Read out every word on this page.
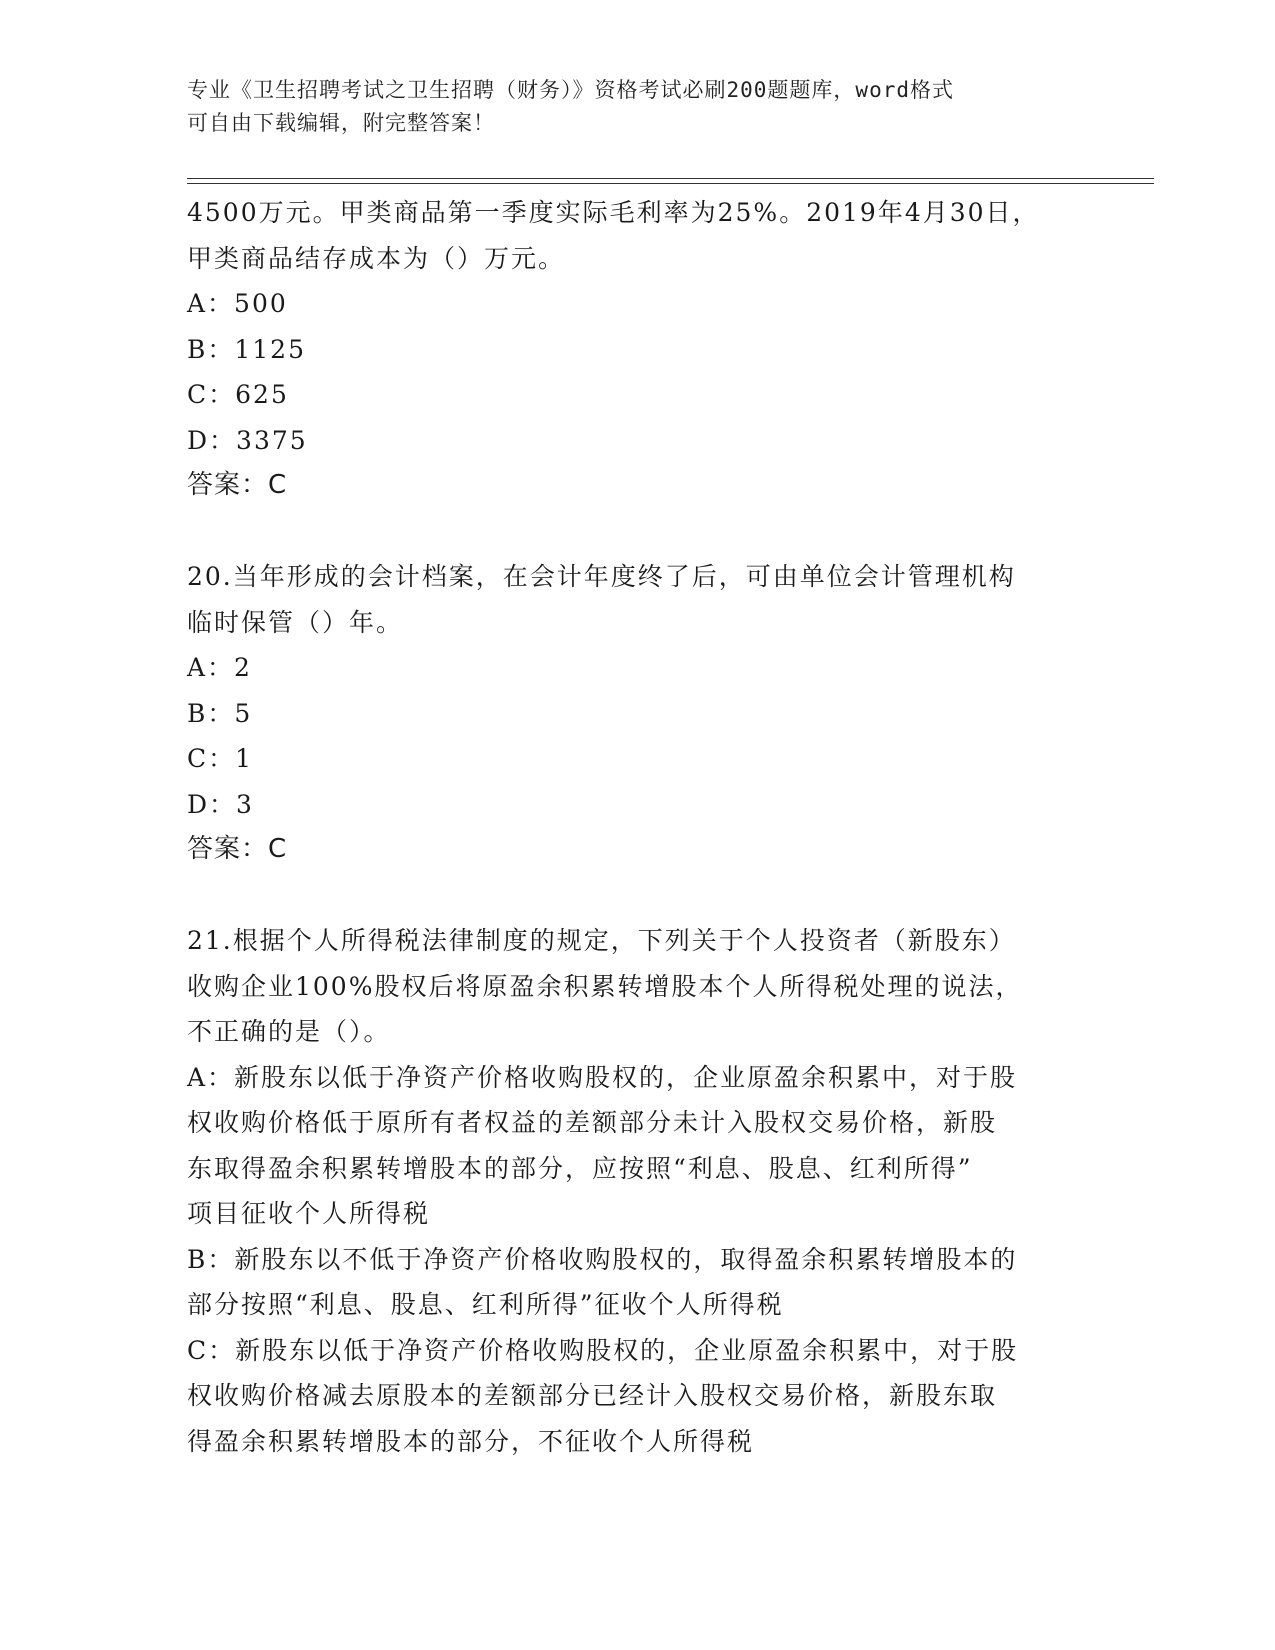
专业《卫生招聘考试之卫生招聘（财务）》资格考试必刷200题题库，word格式
可自由下载编辑，附完整答案！

4500万元。甲类商品第一季度实际毛利率为25%。2019年4月30日，

甲类商品结存成本为（）万元。

A：500

B：1125

C：625

D：3375

答案：C

20.当年形成的会计档案，在会计年度终了后，可由单位会计管理机构

临时保管（）年。

A：2

B：5

C：1

D：3

答案：C

21.根据个人所得税法律制度的规定，下列关于个人投资者（新股东）

收购企业100%股权后将原盈余积累转增股本个人所得税处理的说法，

不正确的是（）。

A：新股东以低于净资产价格收购股权的，企业原盈余积累中，对于股

权收购价格低于原所有者权益的差额部分未计入股权交易价格，新股

东取得盈余积累转增股本的部分，应按照“利息、股息、红利所得”

项目征收个人所得税

B：新股东以不低于净资产价格收购股权的，取得盈余积累转增股本的

部分按照“利息、股息、红利所得”征收个人所得税

C：新股东以低于净资产价格收购股权的，企业原盈余积累中，对于股

权收购价格减去原股本的差额部分已经计入股权交易价格，新股东取

得盈余积累转增股本的部分，不征收个人所得税
